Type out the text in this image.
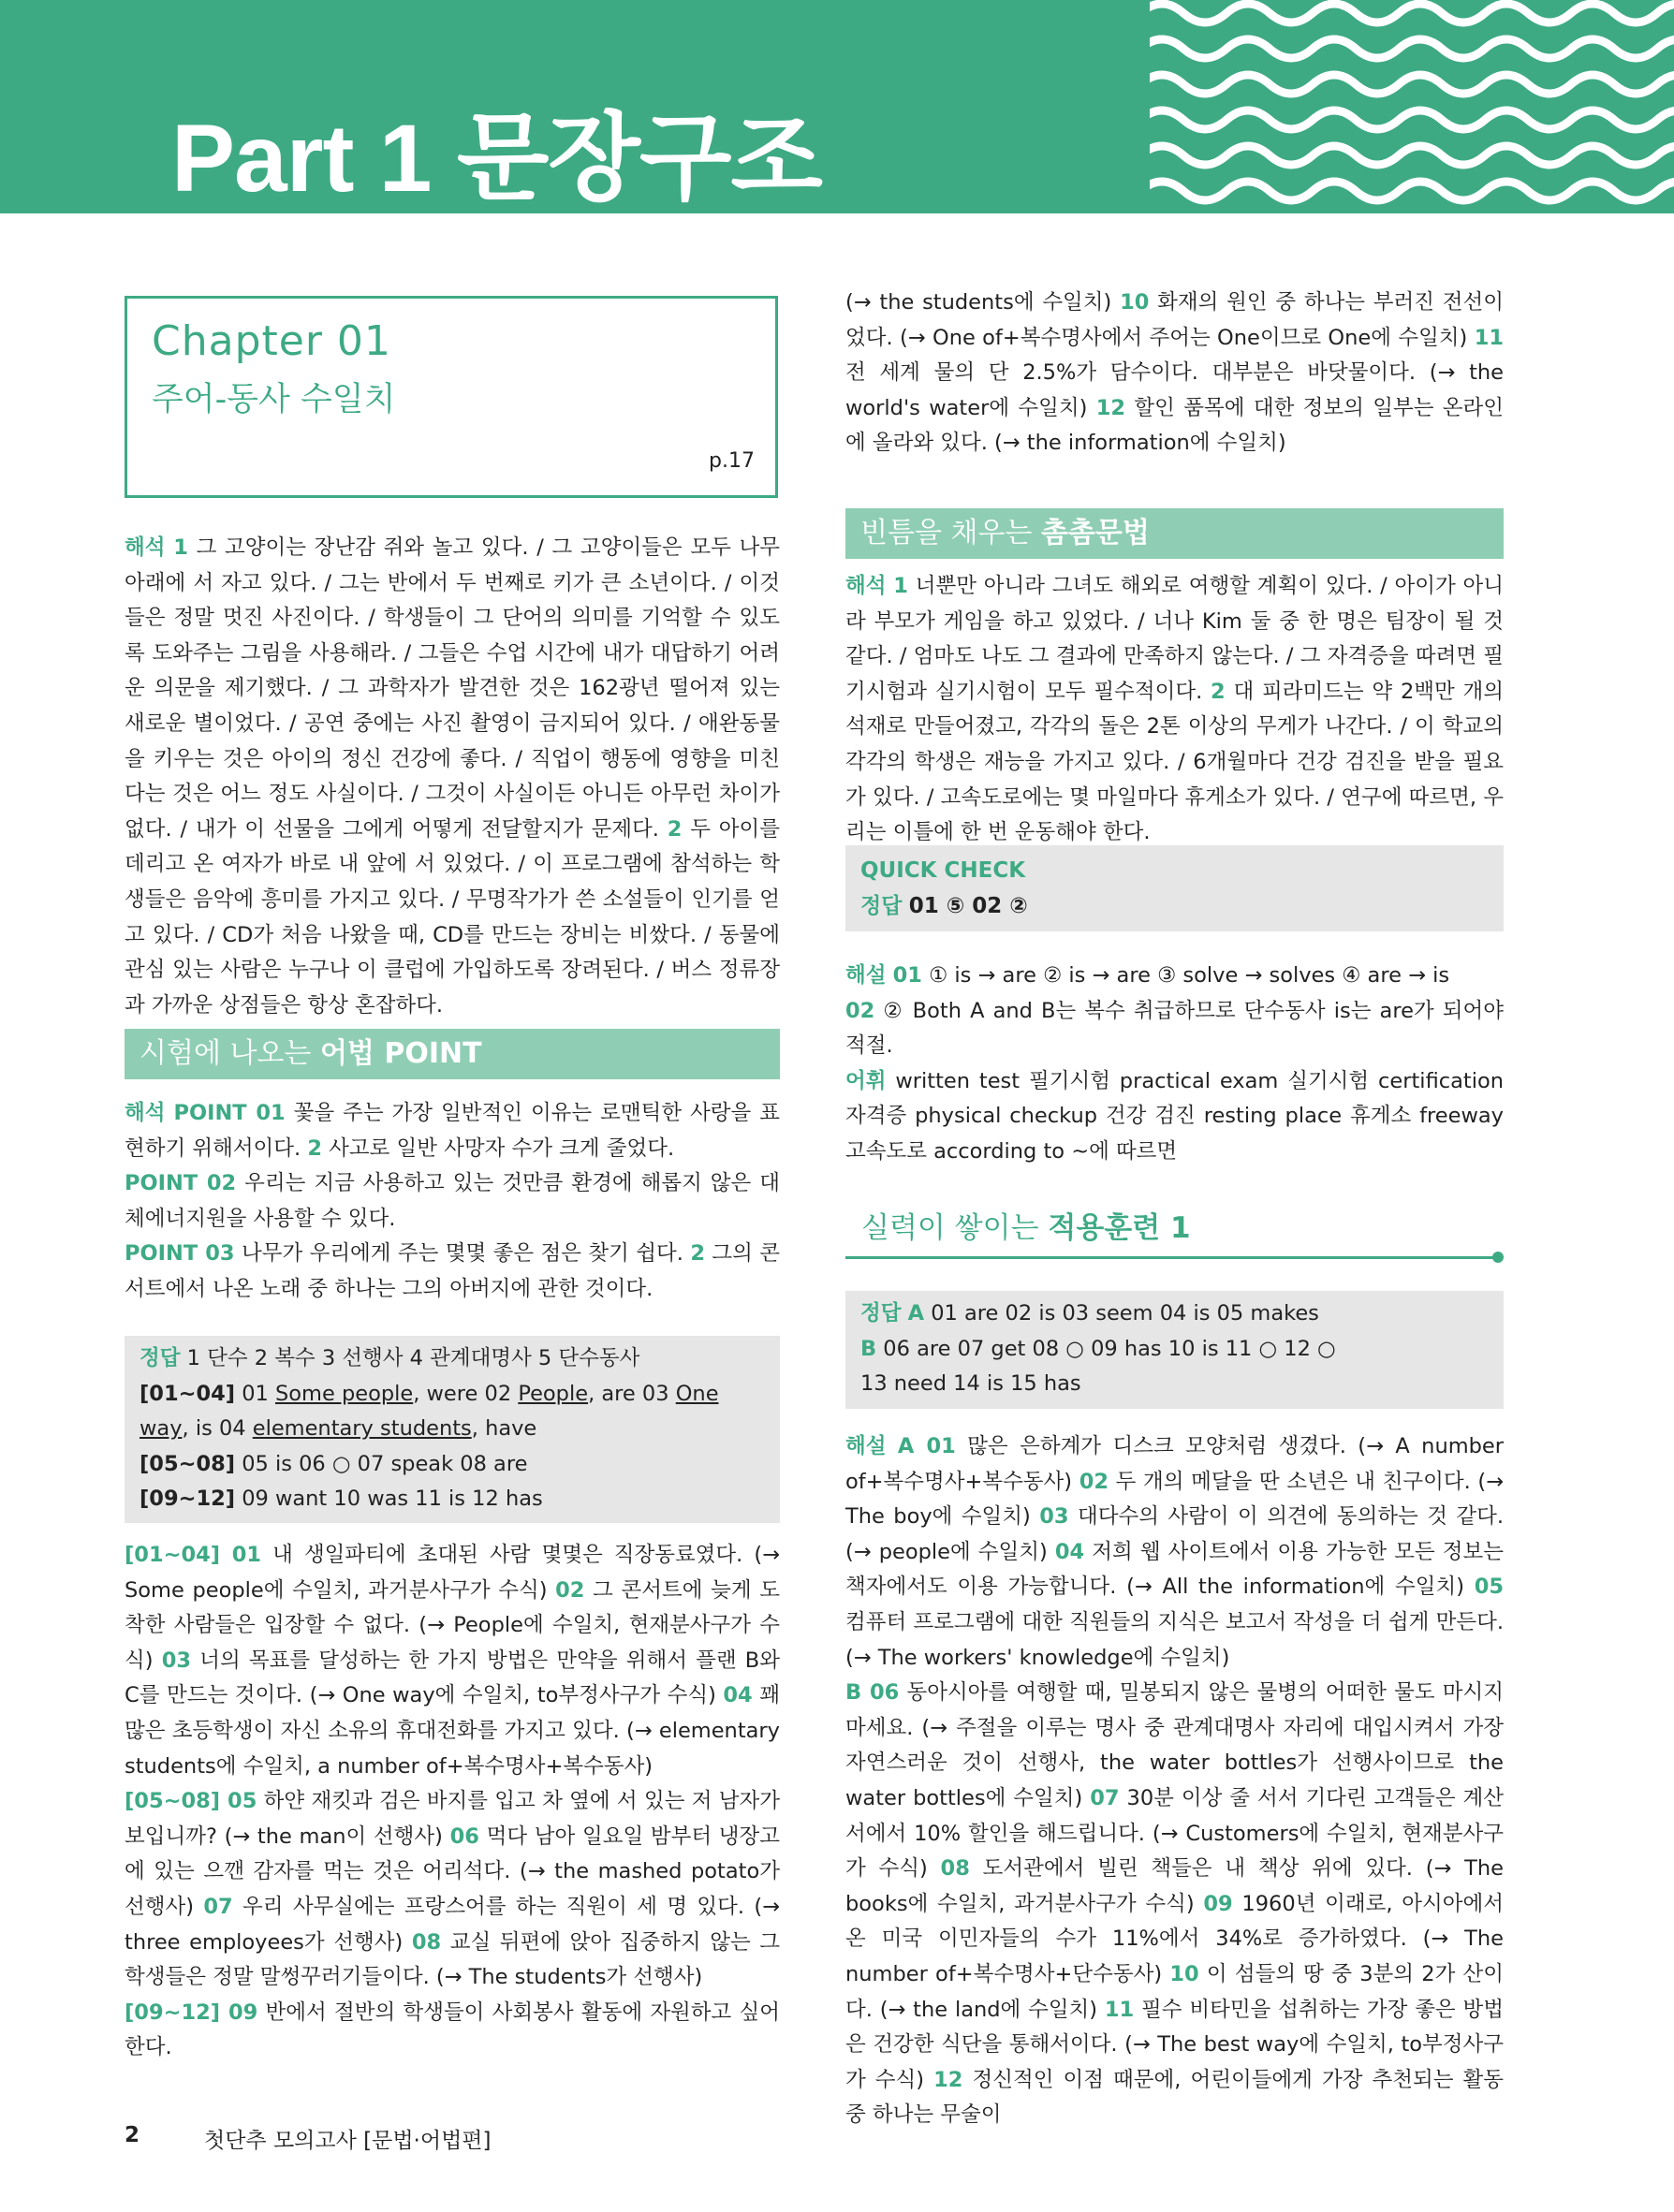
Part 1 문장구조
Chapter 01
주어-동사 수일치
p.17
해석 1 그 고양이는 장난감 쥐와 놀고 있다. / 그 고양이들은 모두 나무 아래에 서 자고 있다. / 그는 반에서 두 번째로 키가 큰 소년이다. / 이것들은 정말 멋진 사진이다. / 학생들이 그 단어의 의미를 기억할 수 있도록 도와주는 그림을 사용해라. / 그들은 수업 시간에 내가 대답하기 어려운 의문을 제기했다. / 그 과학자가 발견한 것은 162광년 떨어져 있는 새로운 별이었다. / 공연 중에는 사진 촬영이 금지되어 있다. / 애완동물을 키우는 것은 아이의 정신 건강에 좋다. / 직업이 행동에 영향을 미친다는 것은 어느 정도 사실이다. / 그것이 사실이든 아니든 아무런 차이가 없다. / 내가 이 선물을 그에게 어떻게 전달할지가 문제다. 2 두 아이를 데리고 온 여자가 바로 내 앞에 서 있었다. / 이 프로그램에 참석하는 학생들은 음악에 흥미를 가지고 있다. / 무명작가가 쓴 소설들이 인기를 얻고 있다. / CD가 처음 나왔을 때, CD를 만드는 장비는 비쌌다. / 동물에 관심 있는 사람은 누구나 이 클럽에 가입하도록 장려된다. / 버스 정류장과 가까운 상점들은 항상 혼잡하다.
시험에 나오는 어법 POINT
해석 POINT 01 꽃을 주는 가장 일반적인 이유는 로맨틱한 사랑을 표현하기 위해서이다. 2 사고로 일반 사망자 수가 크게 줄었다.
POINT 02 우리는 지금 사용하고 있는 것만큼 환경에 해롭지 않은 대체에너지원을 사용할 수 있다.
POINT 03 나무가 우리에게 주는 몇몇 좋은 점은 찾기 쉽다. 2 그의 콘서트에서 나온 노래 중 하나는 그의 아버지에 관한 것이다.
정답 1 단수 2 복수 3 선행사 4 관계대명사 5 단수동사
[01~04] 01 Some people, were 02 People, are 03 One
way, is 04 elementary students, have
[05~08] 05 is 06 ○ 07 speak 08 are
[09~12] 09 want 10 was 11 is 12 has
[01~04] 01 내 생일파티에 초대된 사람 몇몇은 직장동료였다. (→ Some people에 수일치, 과거분사구가 수식) 02 그 콘서트에 늦게 도착한 사람들은 입장할 수 없다. (→ People에 수일치, 현재분사구가 수식) 03 너의 목표를 달성하는 한 가지 방법은 만약을 위해서 플랜 B와 C를 만드는 것이다. (→ One way에 수일치, to부정사구가 수식) 04 꽤 많은 초등학생이 자신 소유의 휴대전화를 가지고 있다. (→ elementary students에 수일치, a number of+복수명사+복수동사)
[05~08] 05 하얀 재킷과 검은 바지를 입고 차 옆에 서 있는 저 남자가 보입니까? (→ the man이 선행사) 06 먹다 남아 일요일 밤부터 냉장고에 있는 으깬 감자를 먹는 것은 어리석다. (→ the mashed potato가 선행사) 07 우리 사무실에는 프랑스어를 하는 직원이 세 명 있다. (→ three employees가 선행사) 08 교실 뒤편에 앉아 집중하지 않는 그 학생들은 정말 말썽꾸러기들이다. (→ The students가 선행사)
[09~12] 09 반에서 절반의 학생들이 사회봉사 활동에 자원하고 싶어 한다.
(→ the students에 수일치) 10 화재의 원인 중 하나는 부러진 전선이었다. (→ One of+복수명사에서 주어는 One이므로 One에 수일치) 11 전 세계 물의 단 2.5%가 담수이다. 대부분은 바닷물이다. (→ the world's water에 수일치) 12 할인 품목에 대한 정보의 일부는 온라인에 올라와 있다. (→ the information에 수일치)
빈틈을 채우는 촘촘문법
해석 1 너뿐만 아니라 그녀도 해외로 여행할 계획이 있다. / 아이가 아니라 부모가 게임을 하고 있었다. / 너나 Kim 둘 중 한 명은 팀장이 될 것 같다. / 엄마도 나도 그 결과에 만족하지 않는다. / 그 자격증을 따려면 필기시험과 실기시험이 모두 필수적이다. 2 대 피라미드는 약 2백만 개의 석재로 만들어졌고, 각각의 돌은 2톤 이상의 무게가 나간다. / 이 학교의 각각의 학생은 재능을 가지고 있다. / 6개월마다 건강 검진을 받을 필요가 있다. / 고속도로에는 몇 마일마다 휴게소가 있다. / 연구에 따르면, 우리는 이틀에 한 번 운동해야 한다.
QUICK CHECK
정답 01 ⑤ 02 ②
해설 01 ① is → are ② is → are ③ solve → solves ④ are → is
02 ② Both A and B는 복수 취급하므로 단수동사 is는 are가 되어야 적절.
어휘 written test 필기시험 practical exam 실기시험 certification 자격증 physical checkup 건강 검진 resting place 휴게소 freeway 고속도로 according to ~에 따르면
실력이 쌓이는 적용훈련 1
정답 A 01 are 02 is 03 seem 04 is 05 makes
B 06 are 07 get 08 ○ 09 has 10 is 11 ○ 12 ○
13 need 14 is 15 has
해설 A 01 많은 은하계가 디스크 모양처럼 생겼다. (→ A number of+복수명사+복수동사) 02 두 개의 메달을 딴 소년은 내 친구이다. (→ The boy에 수일치) 03 대다수의 사람이 이 의견에 동의하는 것 같다. (→ people에 수일치) 04 저희 웹 사이트에서 이용 가능한 모든 정보는 책자에서도 이용 가능합니다. (→ All the information에 수일치) 05 컴퓨터 프로그램에 대한 직원들의 지식은 보고서 작성을 더 쉽게 만든다. (→ The workers' knowledge에 수일치)
B 06 동아시아를 여행할 때, 밀봉되지 않은 물병의 어떠한 물도 마시지 마세요. (→ 주절을 이루는 명사 중 관계대명사 자리에 대입시켜서 가장 자연스러운 것이 선행사, the water bottles가 선행사이므로 the water bottles에 수일치) 07 30분 이상 줄 서서 기다린 고객들은 계산서에서 10% 할인을 해드립니다. (→ Customers에 수일치, 현재분사구가 수식) 08 도서관에서 빌린 책들은 내 책상 위에 있다. (→ The books에 수일치, 과거분사구가 수식) 09 1960년 이래로, 아시아에서 온 미국 이민자들의 수가 11%에서 34%로 증가하였다. (→ The number of+복수명사+단수동사) 10 이 섬들의 땅 중 3분의 2가 산이다. (→ the land에 수일치) 11 필수 비타민을 섭취하는 가장 좋은 방법은 건강한 식단을 통해서이다. (→ The best way에 수일치, to부정사구가 수식) 12 정신적인 이점 때문에, 어린이들에게 가장 추천되는 활동 중 하나는 무술이
2	첫단추 모의고사 [문법·어법편]
